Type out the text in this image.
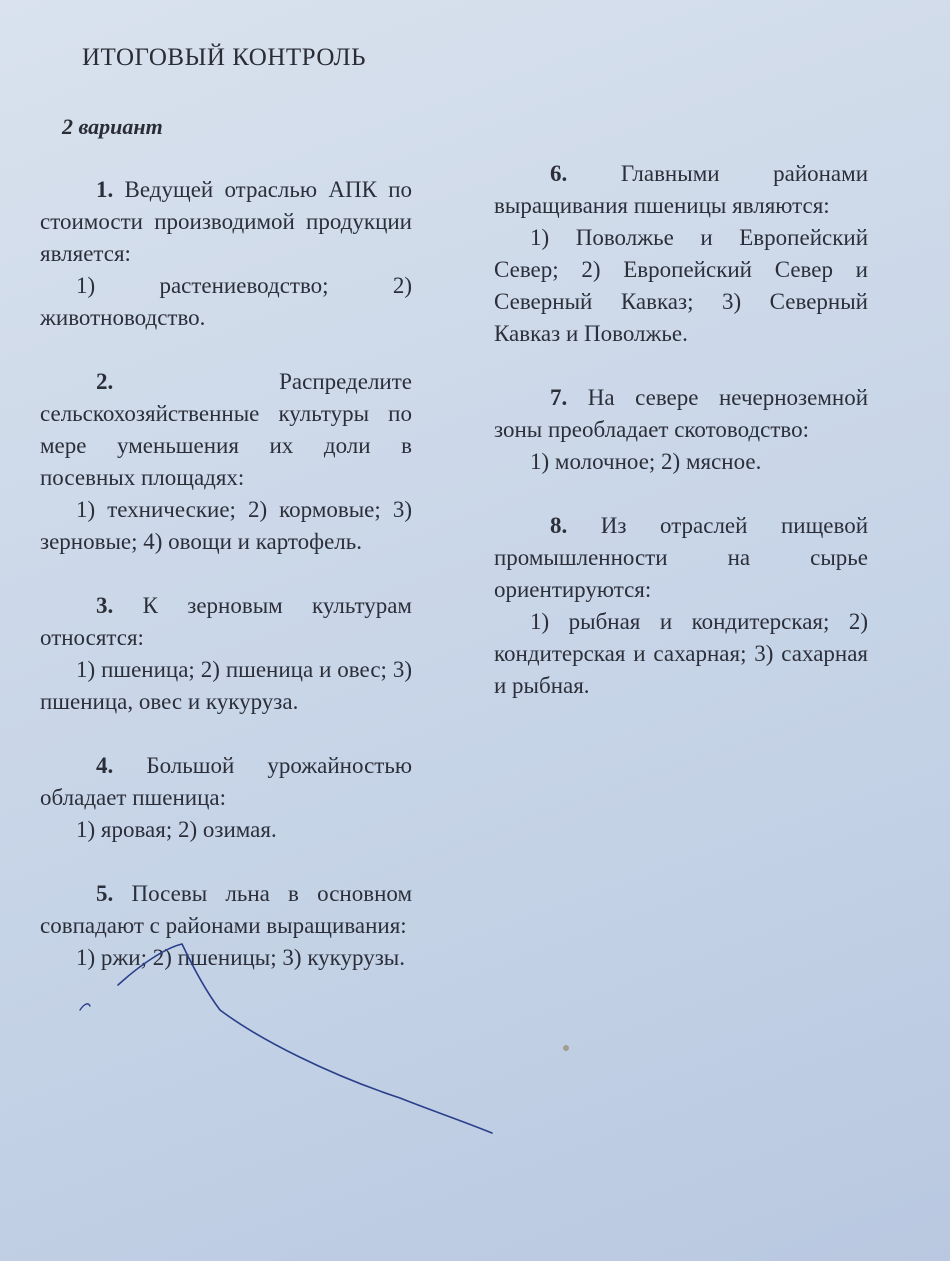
ИТОГОВЫЙ КОНТРОЛЬ
2 вариант

1. Ведущей отраслью АПК по стоимости производимой продукции является:

1) растениеводство; 2) животноводство.

2.	Распределите сельскохозяйственные культуры по мере уменьшения их доли в посевных площадях:

1) технические; 2) кормовые; 3) зерновые; 4) овощи и картофель.

3. К зерновым культурам относятся:

1) пшеница; 2) пшеница и овес; 3) пшеница, овес и кукуруза.

4. Большой урожайностью обладает пшеница:

1) яровая; 2) озимая.

5. Посевы льна в основном совпадают с районами выращивания:

1) ржи; 2) пшеницы; 3) кукурузы.

6. Главными районами выращивания пшеницы являются:

1) Поволжье и Европейский Север; 2) Европейский Север и Северный Кавказ; 3) Северный Кавказ и Поволжье.

7. На севере нечерноземной зоны преобладает скотоводство:

1) молочное; 2) мясное.

8. Из отраслей пищевой промышленности на сырье ориентируются:

1) рыбная и кондитерская; 2) кондитерская и сахарная; 3) сахарная и рыбная.
